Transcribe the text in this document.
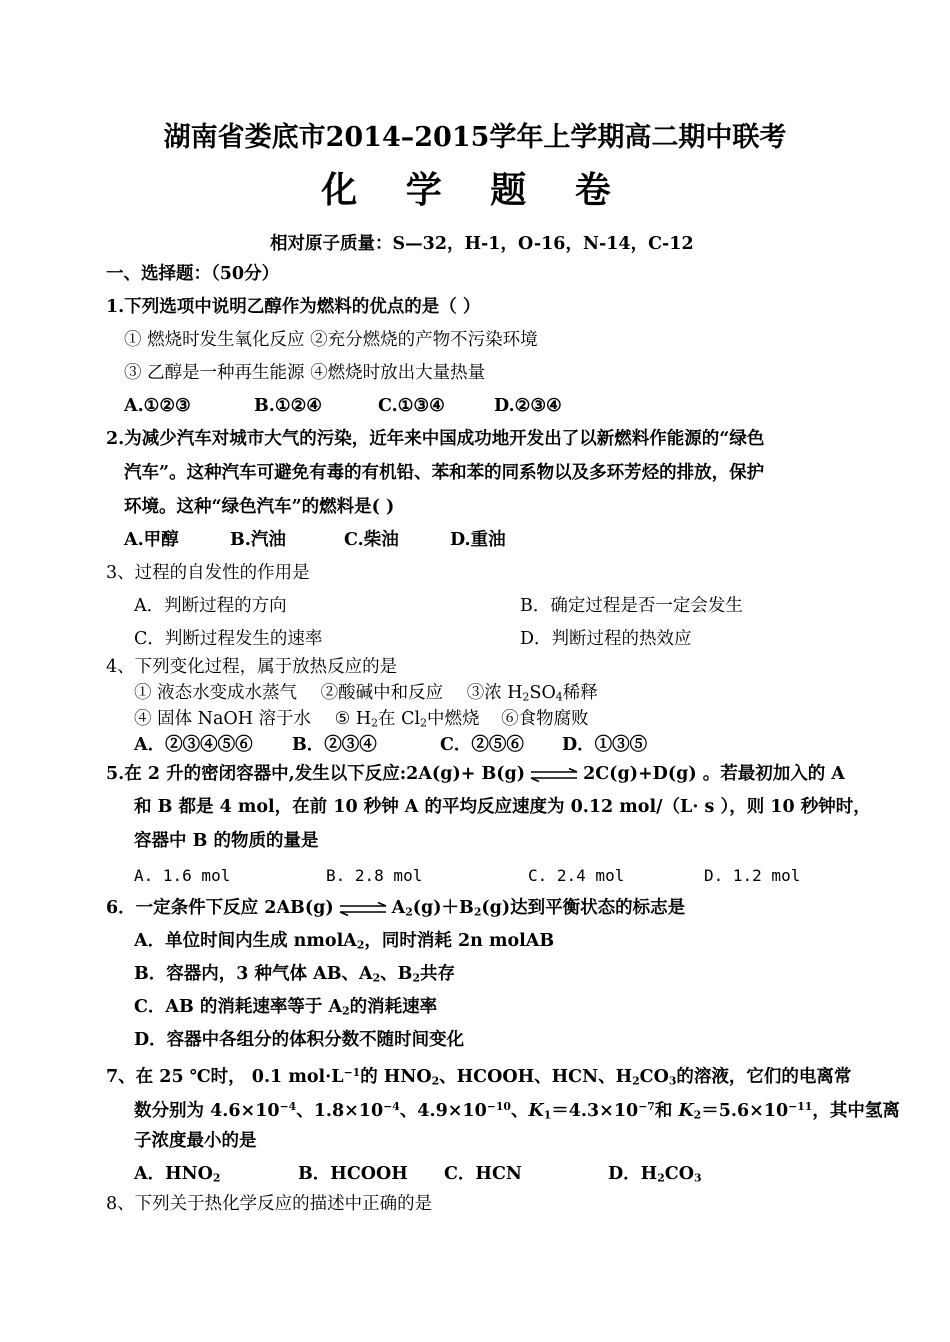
湖南省娄底市2014–2015学年上学期高二期中联考
化 学 题 卷
相对原子质量：S—32，H-1，O-16，N-14，C-12
一、选择题：（50分）
1.下列选项中说明乙醇作为燃料的优点的是（ ）
① 燃烧时发生氧化反应 ②充分燃烧的产物不污染环境
③ 乙醇是一种再生能源 ④燃烧时放出大量热量
A.①②③	B.①②④	C.①③④	D.②③④
2.为减少汽车对城市大气的污染，近年来中国成功地开发出了以新燃料作能源的“绿色
汽车”。这种汽车可避免有毒的有机铅、苯和苯的同系物以及多环芳烃的排放，保护
环境。这种“绿色汽车”的燃料是( )
A.甲醇	B.汽油	C.柴油	D.重油
3、过程的自发性的作用是
A．判断过程的方向	B．确定过程是否一定会发生
C．判断过程发生的速率	D．判断过程的热效应
4、下列变化过程，属于放热反应的是
① 液态水变成水蒸气 ②酸碱中和反应 ③浓 $H_2SO_4$稀释
④ 固体 NaOH 溶于水 ⑤ $H_2$在 $Cl_2$中燃烧 ⑥食物腐败
A．②③④⑤⑥ B．②③④	C．②⑤⑥ D．①③⑤
5.在 2 升的密闭容器中,发生以下反应:2A(g)+ B(g) ⇌ 2C(g)+D(g) 。若最初加入的 A
和 B 都是 4 mol，在前 10 秒钟 A 的平均反应速度为 0.12 mol/（L· s ），则 10 秒钟时，
容器中 B 的物质的量是
A. 1.6 mol	B. 2.8 mol	C. 2.4 mol	D. 1.2 mol
6．一定条件下反应 2AB(g) ⇌ $A_2(g)+B_2(g)$达到平衡状态的标志是
A．单位时间内生成 nmolA$_2$，同时消耗 2n molAB
B．容器内，3 种气体 AB、$A_2$、$B_2$共存
C．AB 的消耗速率等于 $A_2$的消耗速率
D．容器中各组分的体积分数不随时间变化
7、在 25 ℃时， 0.1 $mol\cdot L^{-1}$的 $HNO_2$、HCOOH、HCN、$H_2CO_3$的溶液，它们的电离常
数分别为 $4.6\times 10^{-4}$、$1.8\times 10^{-4}$、$4.9\times 10^{-10}$、$K_1=4.3\times 10^{-7}$和 $K_2=5.6\times 10^{-11}$，其中氢离
子浓度最小的是
A．$HNO_2$	B．HCOOH C．HCN	D．$H_2CO_3$
8、下列关于热化学反应的描述中正确的是
